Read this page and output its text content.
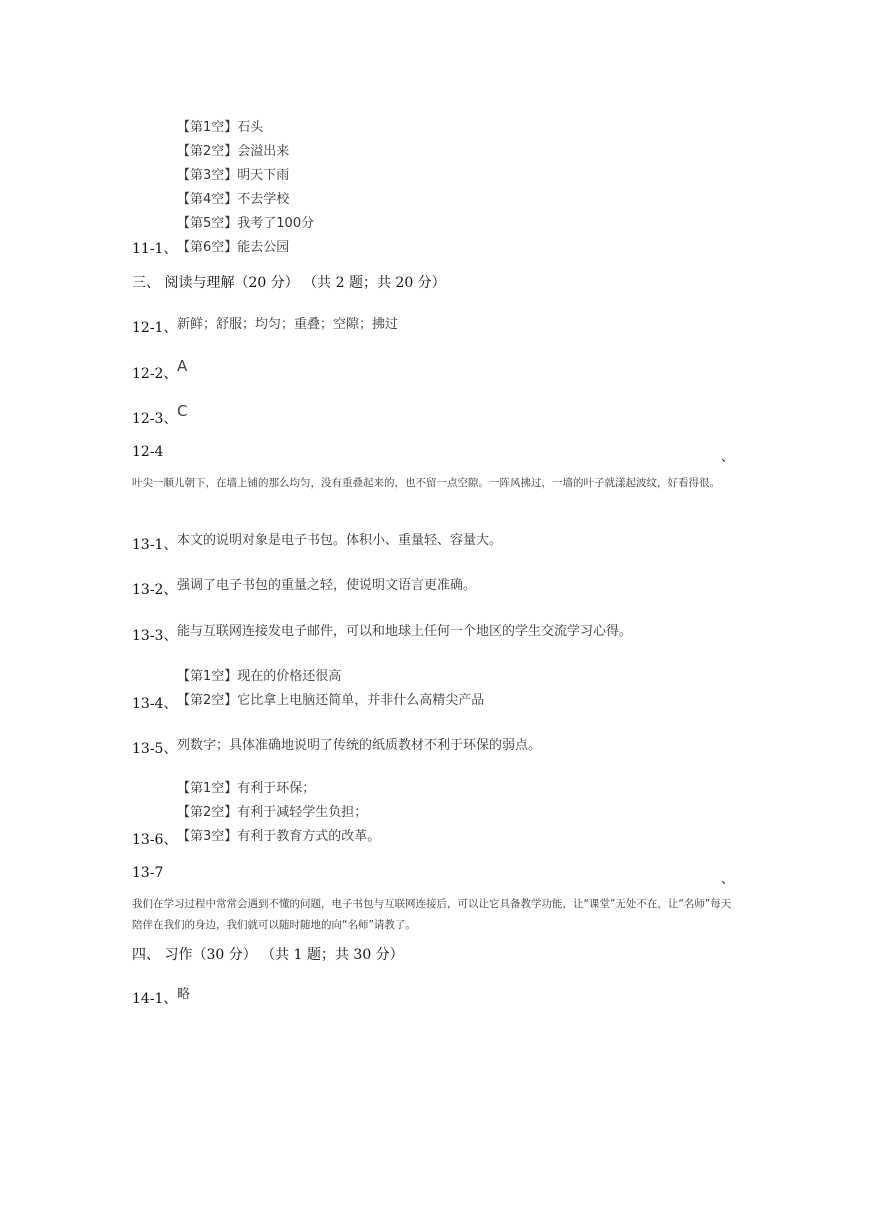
【第1空】石头
【第2空】会溢出来
【第3空】明天下雨
【第4空】不去学校
【第5空】我考了100分
11-1、 【第6空】能去公园
三、 阅读与理解（20 分） （共 2 题；共 20 分）
12-1、 新鲜；舒服；均匀；重叠；空隙；拂过
12-2、 A
12-3、 C
12-4	、
叶尖一顺儿朝下，在墙上铺的那么均匀，没有重叠起来的，也不留一点空隙。一阵风拂过，一墙的叶子就漾起波纹，好看得很。
13-1、 本文的说明对象是电子书包。体积小、重量轻、容量大。
13-2、 强调了电子书包的重量之轻，使说明文语言更准确。
13-3、 能与互联网连接发电子邮件，可以和地球上任何一个地区的学生交流学习心得。
【第1空】现在的价格还很高
13-4、 【第2空】它比拿上电脑还简单，并非什么高精尖产品
13-5、 列数字；具体准确地说明了传统的纸质教材不利于环保的弱点。
【第1空】有利于环保；
【第2空】有利于减轻学生负担；
13-6、 【第3空】有利于教育方式的改革。
13-7	、
我们在学习过程中常常会遇到不懂的问题，电子书包与互联网连接后，可以让它具备教学功能，让“课堂”无处不在，让“名师”每天陪伴在我们的身边，我们就可以随时随地的向“名师”请教了。
四、 习作（30 分） （共 1 题；共 30 分）
14-1、 略
